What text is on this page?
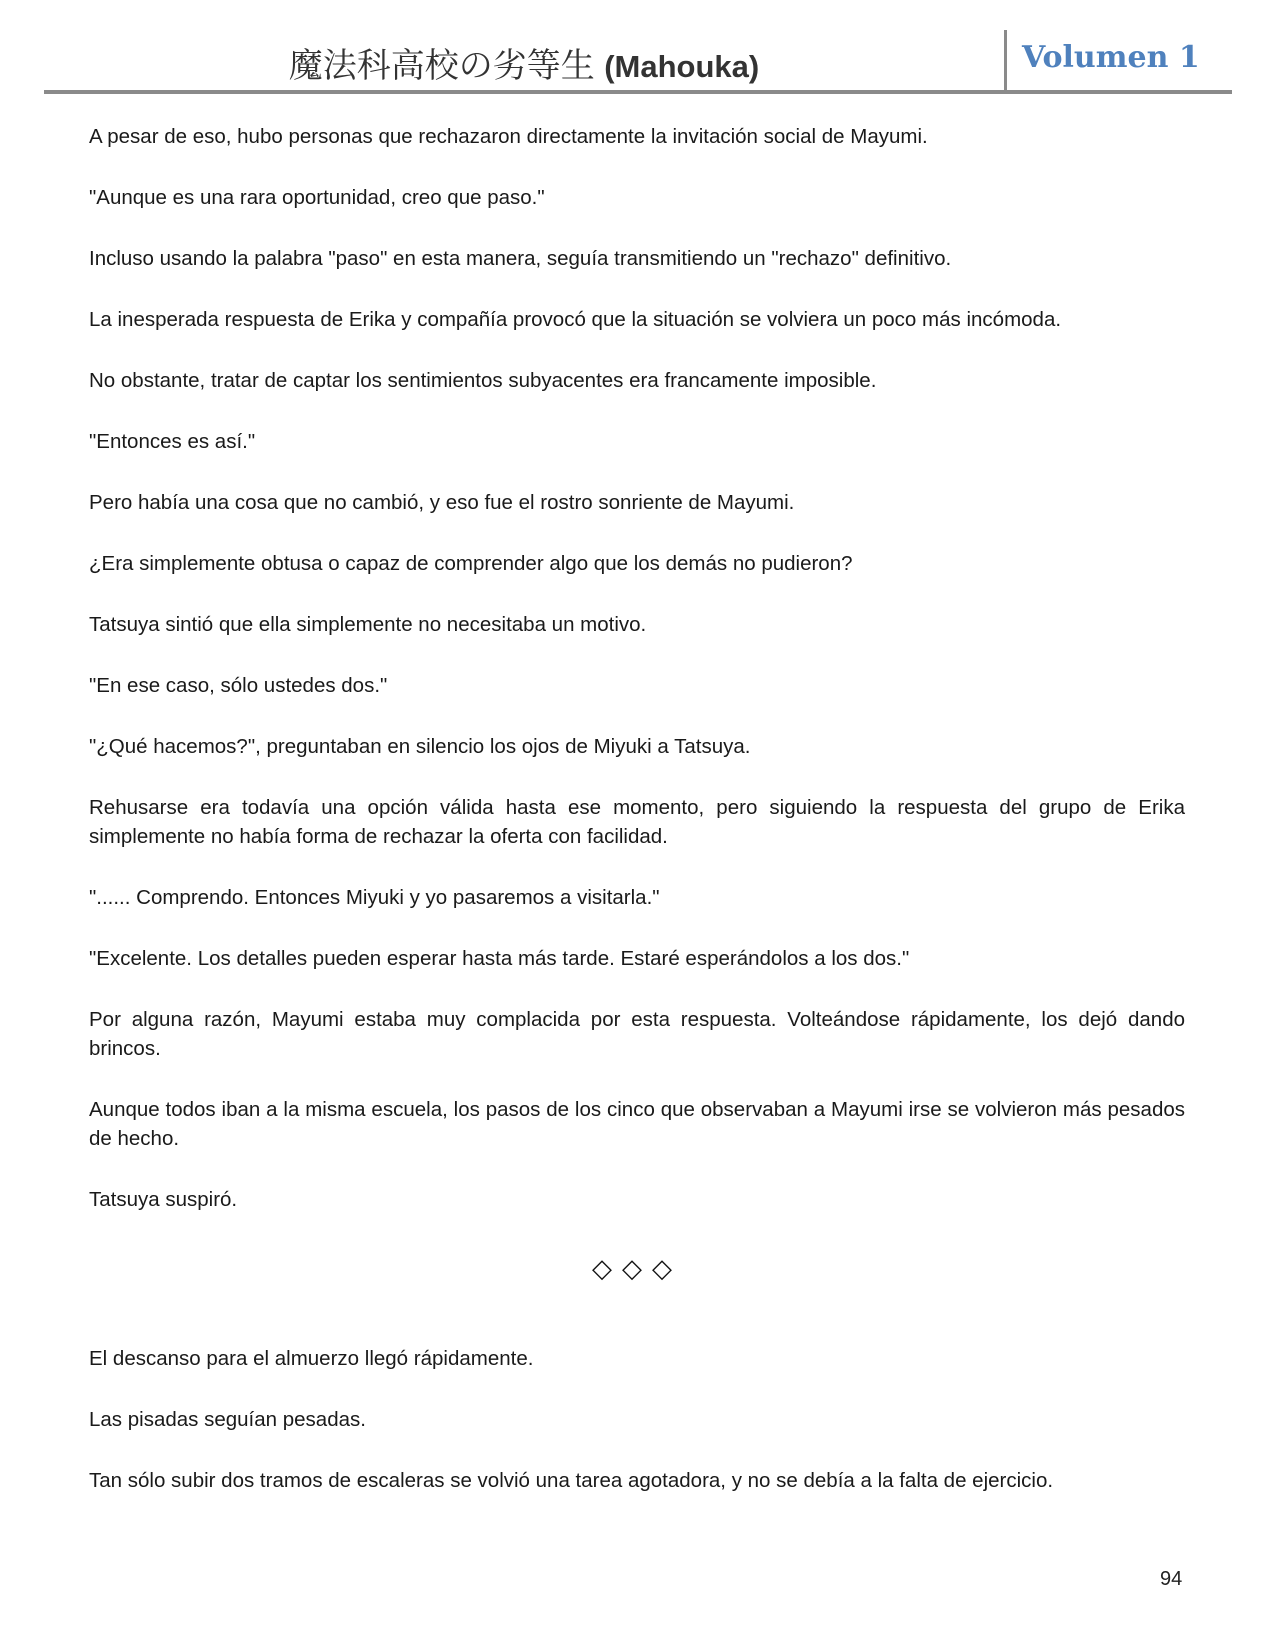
魔法科高校の劣等生 (Mahouka)	Volumen 1

A pesar de eso, hubo personas que rechazaron directamente la invitación social de Mayumi.

"Aunque es una rara oportunidad, creo que paso."

Incluso usando la palabra "paso" en esta manera, seguía transmitiendo un "rechazo" definitivo.

La inesperada respuesta de Erika y compañía provocó que la situación se volviera un poco más incómoda.

No obstante, tratar de captar los sentimientos subyacentes era francamente imposible.

"Entonces es así."

Pero había una cosa que no cambió, y eso fue el rostro sonriente de Mayumi.

¿Era simplemente obtusa o capaz de comprender algo que los demás no pudieron?

Tatsuya sintió que ella simplemente no necesitaba un motivo.

"En ese caso, sólo ustedes dos."

"¿Qué hacemos?", preguntaban en silencio los ojos de Miyuki a Tatsuya.

Rehusarse era todavía una opción válida hasta ese momento, pero siguiendo la respuesta del grupo de Erika simplemente no había forma de rechazar la oferta con facilidad.

"...... Comprendo. Entonces Miyuki y yo pasaremos a visitarla."

"Excelente. Los detalles pueden esperar hasta más tarde. Estaré esperándolos a los dos."

Por alguna razón, Mayumi estaba muy complacida por esta respuesta. Volteándose rápidamente, los dejó dando brincos.

Aunque todos iban a la misma escuela, los pasos de los cinco que observaban a Mayumi irse se volvieron más pesados de hecho.

Tatsuya suspiró.

◇◇◇

El descanso para el almuerzo llegó rápidamente.

Las pisadas seguían pesadas.

Tan sólo subir dos tramos de escaleras se volvió una tarea agotadora, y no se debía a la falta de ejercicio.

94
